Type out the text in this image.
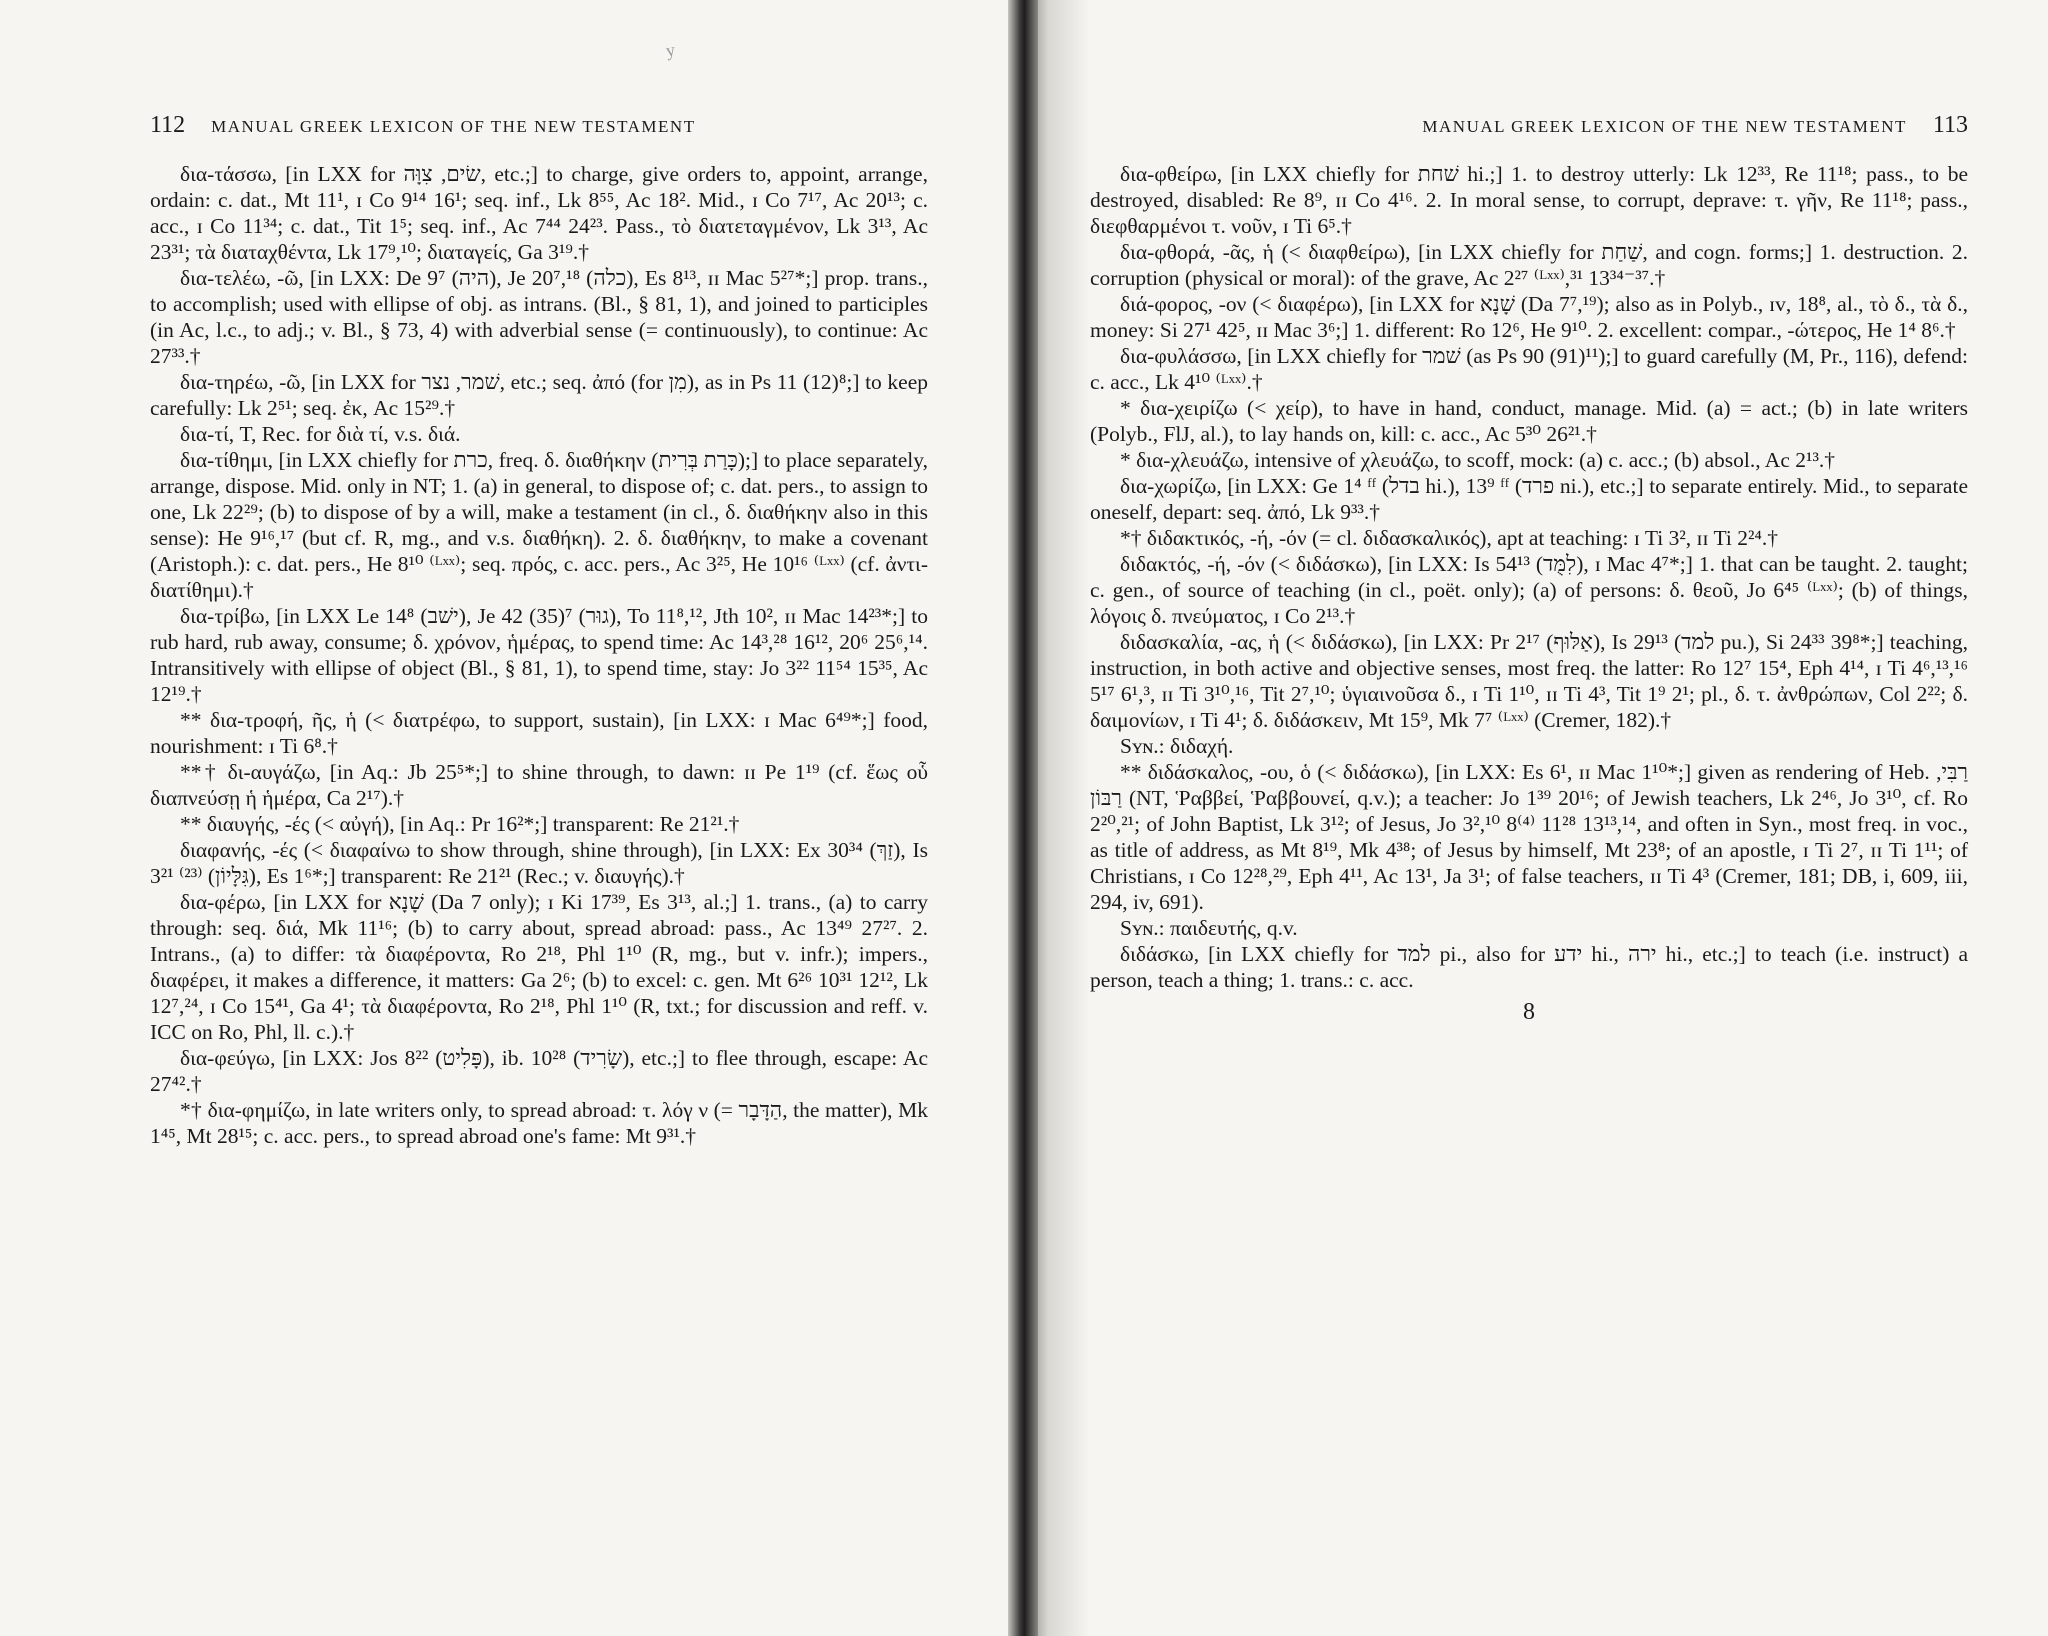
y
112 MANUAL GREEK LEXICON OF THE NEW TESTAMENT

δια-τάσσω, [in LXX for שׂים, צִוָּה, etc.;] to charge, give orders to, appoint, arrange, ordain: c. dat., Mt 11¹, ɪ Co 9¹⁴ 16¹; seq. inf., Lk 8⁵⁵, Ac 18². Mid., ɪ Co 7¹⁷, Ac 20¹³; c. acc., ɪ Co 11³⁴; c. dat., Tit 1⁵; seq. inf., Ac 7⁴⁴ 24²³. Pass., τὸ διατεταγμένον, Lk 3¹³, Ac 23³¹; τὰ διαταχθέντα, Lk 17⁹,¹⁰; διαταγείς, Ga 3¹⁹.†

δια-τελέω, -ῶ, [in LXX: De 9⁷ (היה), Je 20⁷,¹⁸ (כלה), Es 8¹³, ɪɪ Mac 5²⁷*;] prop. trans., to accomplish; used with ellipse of obj. as intrans. (Bl., § 81, 1), and joined to participles (in Ac, l.c., to adj.; v. Bl., § 73, 4) with adverbial sense (= continuously), to continue: Ac 27³³.†

δια-τηρέω, -ῶ, [in LXX for שׁמר, נצר, etc.; seq. ἀπό (for מִן), as in Ps 11 (12)⁸;] to keep carefully: Lk 2⁵¹; seq. ἐκ, Ac 15²⁹.†

δια-τί, T, Rec. for διὰ τί, v.s. διά.

δια-τίθημι, [in LXX chiefly for כרת, freq. δ. διαθήκην (כָּרַת בְּרִית);] to place separately, arrange, dispose. Mid. only in NT; 1. (a) in general, to dispose of; c. dat. pers., to assign to one, Lk 22²⁹; (b) to dispose of by a will, make a testament (in cl., δ. διαθήκην also in this sense): He 9¹⁶,¹⁷ (but cf. R, mg., and v.s. διαθήκη). 2. δ. διαθήκην, to make a covenant (Aristoph.): c. dat. pers., He 8¹⁰ ⁽ᴸˣˣ⁾; seq. πρός, c. acc. pers., Ac 3²⁵, He 10¹⁶ ⁽ᴸˣˣ⁾ (cf. ἀντι-διατίθημι).†

δια-τρίβω, [in LXX Le 14⁸ (ישׁב), Je 42 (35)⁷ (גוּר), To 11⁸,¹², Jth 10², ɪɪ Mac 14²³*;] to rub hard, rub away, consume; δ. χρόνον, ἡμέρας, to spend time: Ac 14³,²⁸ 16¹², 20⁶ 25⁶,¹⁴. Intransitively with ellipse of object (Bl., § 81, 1), to spend time, stay: Jo 3²² 11⁵⁴ 15³⁵, Ac 12¹⁹.†

** δια-τροφή, ῆς, ἡ (< διατρέφω, to support, sustain), [in LXX: ɪ Mac 6⁴⁹*;] food, nourishment: ɪ Ti 6⁸.†

**† δι-αυγάζω, [in Aq.: Jb 25⁵*;] to shine through, to dawn: ɪɪ Pe 1¹⁹ (cf. ἕως οὗ διαπνεύσῃ ἡ ἡμέρα, Ca 2¹⁷).†

** διαυγής, -ές (< αὐγή), [in Aq.: Pr 16²*;] transparent: Re 21²¹.†

διαφανής, -ές (< διαφαίνω to show through, shine through), [in LXX: Ex 30³⁴ (זַךְ), Is 3²¹ ⁽²³⁾ (גִּלָּיוֹן), Es 1⁶*;] transparent: Re 21²¹ (Rec.; v. διαυγής).†

δια-φέρω, [in LXX for שָׁנָא (Da 7 only); ɪ Ki 17³⁹, Es 3¹³, al.;] 1. trans., (a) to carry through: seq. διά, Mk 11¹⁶; (b) to carry about, spread abroad: pass., Ac 13⁴⁹ 27²⁷. 2. Intrans., (a) to differ: τὰ διαφέροντα, Ro 2¹⁸, Phl 1¹⁰ (R, mg., but v. infr.); impers., διαφέρει, it makes a difference, it matters: Ga 2⁶; (b) to excel: c. gen. Mt 6²⁶ 10³¹ 12¹², Lk 12⁷,²⁴, ɪ Co 15⁴¹, Ga 4¹; τὰ διαφέροντα, Ro 2¹⁸, Phl 1¹⁰ (R, txt.; for discussion and reff. v. ICC on Ro, Phl, ll. c.).†

δια-φεύγω, [in LXX: Jos 8²² (פָּלִיט), ib. 10²⁸ (שָׂרִיד), etc.;] to flee through, escape: Ac 27⁴².†

*† δια-φημίζω, in late writers only, to spread abroad: τ. λόγ ν (= הַדָּבָר, the matter), Mk 1⁴⁵, Mt 28¹⁵; c. acc. pers., to spread abroad one's fame: Mt 9³¹.†

MANUAL GREEK LEXICON OF THE NEW TESTAMENT 113

δια-φθείρω, [in LXX chiefly for שׁחת hi.;] 1. to destroy utterly: Lk 12³³, Re 11¹⁸; pass., to be destroyed, disabled: Re 8⁹, ɪɪ Co 4¹⁶. 2. In moral sense, to corrupt, deprave: τ. γῆν, Re 11¹⁸; pass., διεφθαρμένοι τ. νοῦν, ɪ Ti 6⁵.†

δια-φθορά, -ᾶς, ἡ (< διαφθείρω), [in LXX chiefly for שַׁחַת, and cogn. forms;] 1. destruction. 2. corruption (physical or moral): of the grave, Ac 2²⁷ ⁽ᴸˣˣ⁾,³¹ 13³⁴⁻³⁷.†

διά-φορος, -ον (< διαφέρω), [in LXX for שָׁנָא (Da 7⁷,¹⁹); also as in Polyb., ɪᴠ, 18⁸, al., τὸ δ., τὰ δ., money: Si 27¹ 42⁵, ɪɪ Mac 3⁶;] 1. different: Ro 12⁶, He 9¹⁰. 2. excellent: compar., -ώτερος, He 1⁴ 8⁶.†

δια-φυλάσσω, [in LXX chiefly for שׁמר (as Ps 90 (91)¹¹);] to guard carefully (M, Pr., 116), defend: c. acc., Lk 4¹⁰ ⁽ᴸˣˣ⁾.†

* δια-χειρίζω (< χείρ), to have in hand, conduct, manage. Mid. (a) = act.; (b) in late writers (Polyb., FlJ, al.), to lay hands on, kill: c. acc., Ac 5³⁰ 26²¹.†

* δια-χλευάζω, intensive of χλευάζω, to scoff, mock: (a) c. acc.; (b) absol., Ac 2¹³.†

δια-χωρίζω, [in LXX: Ge 1⁴ ᶠᶠ (בדל hi.), 13⁹ ᶠᶠ (פרד ni.), etc.;] to separate entirely. Mid., to separate oneself, depart: seq. ἀπό, Lk 9³³.†

*† διδακτικός, -ή, -όν (= cl. διδασκαλικός), apt at teaching: ɪ Ti 3², ɪɪ Ti 2²⁴.†

διδακτός, -ή, -όν (< διδάσκω), [in LXX: Is 54¹³ (לִמֻּד), ɪ Mac 4⁷*;] 1. that can be taught. 2. taught; c. gen., of source of teaching (in cl., poët. only); (a) of persons: δ. θεοῦ, Jo 6⁴⁵ ⁽ᴸˣˣ⁾; (b) of things, λόγοις δ. πνεύματος, ɪ Co 2¹³.†

διδασκαλία, -ας, ἡ (< διδάσκω), [in LXX: Pr 2¹⁷ (אַלּוּף), Is 29¹³ (למד pu.), Si 24³³ 39⁸*;] teaching, instruction, in both active and objective senses, most freq. the latter: Ro 12⁷ 15⁴, Eph 4¹⁴, ɪ Ti 4⁶,¹³,¹⁶ 5¹⁷ 6¹,³, ɪɪ Ti 3¹⁰,¹⁶, Tit 2⁷,¹⁰; ὑγιαινοῦσα δ., ɪ Ti 1¹⁰, ɪɪ Ti 4³, Tit 1⁹ 2¹; pl., δ. τ. ἀνθρώπων, Col 2²²; δ. δαιμονίων, ɪ Ti 4¹; δ. διδάσκειν, Mt 15⁹, Mk 7⁷ ⁽ᴸˣˣ⁾ (Cremer, 182).†

Sʏɴ.: διδαχή.

** διδάσκαλος, -ου, ὁ (< διδάσκω), [in LXX: Es 6¹, ɪɪ Mac 1¹⁰*;] given as rendering of Heb. רַבִּי, רַבּוֹן (NT, Ῥαββεί, Ῥαββουνεί, q.v.); a teacher: Jo 1³⁹ 20¹⁶; of Jewish teachers, Lk 2⁴⁶, Jo 3¹⁰, cf. Ro 2²⁰,²¹; of John Baptist, Lk 3¹²; of Jesus, Jo 3²,¹⁰ 8⁽⁴⁾ 11²⁸ 13¹³,¹⁴, and often in Syn., most freq. in voc., as title of address, as Mt 8¹⁹, Mk 4³⁸; of Jesus by himself, Mt 23⁸; of an apostle, ɪ Ti 2⁷, ɪɪ Ti 1¹¹; of Christians, ɪ Co 12²⁸,²⁹, Eph 4¹¹, Ac 13¹, Ja 3¹; of false teachers, ɪɪ Ti 4³ (Cremer, 181; DB, i, 609, iii, 294, iv, 691).

Sʏɴ.: παιδευτής, q.v.

διδάσκω, [in LXX chiefly for למד pi., also for ידע hi., ירה hi., etc.;] to teach (i.e. instruct) a person, teach a thing; 1. trans.: c. acc.

8
